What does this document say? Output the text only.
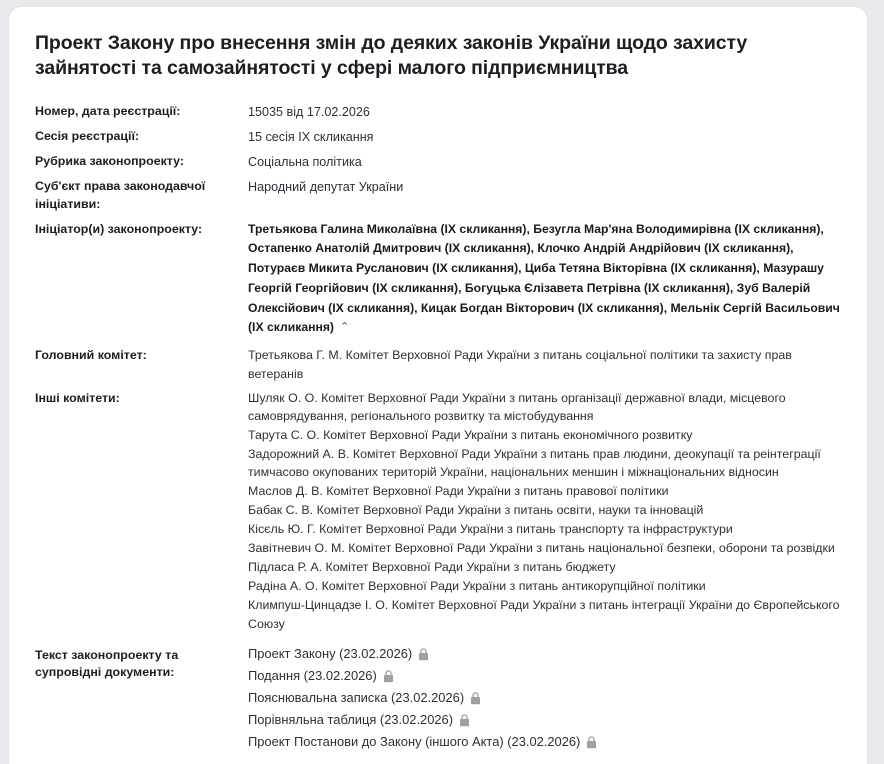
Проект Закону про внесення змін до деяких законів України щодо захисту зайнятості та самозайнятості у сфері малого підприємництва
Номер, дата реєстрації:	15035 від 17.02.2026
Сесія реєстрації:	15 сесія IX скликання
Рубрика законопроекту:	Соціальна політика
Суб'єкт права законодавчої ініціативи:
Народний депутат України
Ініціатор(и) законопроекту:	Третьякова Галина Миколаївна (IX скликання), Безугла Мар'яна Володимирівна (IX скликання), Остапенко Анатолій Дмитрович (IX скликання), Клочко Андрій Андрійович (IX скликання), Потураєв Микита Русланович (IX скликання), Циба Тетяна Вікторівна (IX скликання), Мазурашу Георгій Георгійович (IX скликання), Богуцька Єлізавета Петрівна (IX скликання), Зуб Валерій Олексійович (IX скликання), Кицак Богдан Вікторович (IX скликання), Мельнік Сергій Васильович (IX скликання) ⌃
Головний комітет:	Третьякова Г. М. Комітет Верховної Ради України з питань соціальної політики та захисту прав ветеранів
Інші комітети:	Шуляк О. О. Комітет Верховної Ради України з питань організації державної влади, місцевого самоврядування, регіонального розвитку та містобудування
Тарута С. О. Комітет Верховної Ради України з питань економічного розвитку
Задорожний А. В. Комітет Верховної Ради України з питань прав людини, деокупації та реінтеграції тимчасово окупованих територій України, національних меншин і міжнаціональних відносин
Маслов Д. В. Комітет Верховної Ради України з питань правової політики
Бабак С. В. Комітет Верховної Ради України з питань освіти, науки та інновацій
Кісєль Ю. Г. Комітет Верховної Ради України з питань транспорту та інфраструктури
Завітневич О. М. Комітет Верховної Ради України з питань національної безпеки, оборони та розвідки
Підласа Р. А. Комітет Верховної Ради України з питань бюджету
Радіна А. О. Комітет Верховної Ради України з питань антикорупційної політики
Климпуш-Цинцадзе І. О. Комітет Верховної Ради України з питань інтеграції України до Європейського Союзу
Текст законопроекту та супровідні документи:
Проект Закону (23.02.2026)
Подання (23.02.2026)
Пояснювальна записка (23.02.2026)
Порівняльна таблиця (23.02.2026)
Проект Постанови до Закону (іншого Акта) (23.02.2026)
